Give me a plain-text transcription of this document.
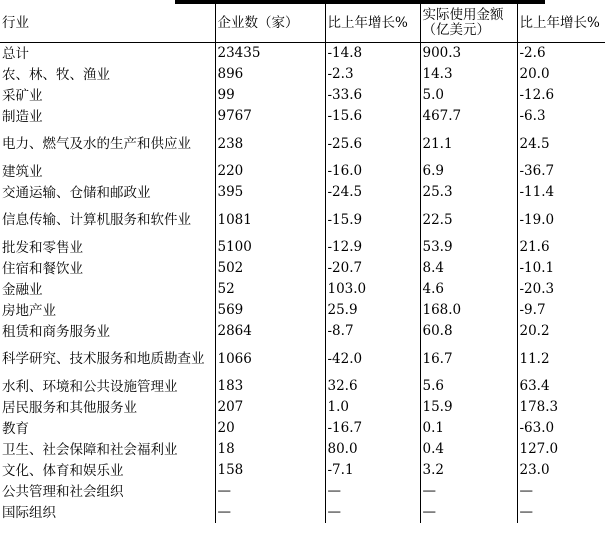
行业	企业数（家）	比上年增长%	实际使用金额（亿美元）	比上年增长%
总计	23435	-14.8	900.3	-2.6
农、林、牧、渔业	896	-2.3	14.3	20.0
采矿业	99	-33.6	5.0	-12.6
制造业	9767	-15.6	467.7	-6.3
电力、燃气及水的生产和供应业	238	-25.6	21.1	24.5
建筑业	220	-16.0	6.9	-36.7
交通运输、仓储和邮政业	395	-24.5	25.3	-11.4
信息传输、计算机服务和软件业	1081	-15.9	22.5	-19.0
批发和零售业	5100	-12.9	53.9	21.6
住宿和餐饮业	502	-20.7	8.4	-10.1
金融业	52	103.0	4.6	-20.3
房地产业	569	25.9	168.0	-9.7
租赁和商务服务业	2864	-8.7	60.8	20.2
科学研究、技术服务和地质勘查业	1066	-42.0	16.7	11.2
水利、环境和公共设施管理业	183	32.6	5.6	63.4
居民服务和其他服务业	207	1.0	15.9	178.3
教育	20	-16.7	0.1	-63.0
卫生、社会保障和社会福利业	18	80.0	0.4	127.0
文化、体育和娱乐业	158	-7.1	3.2	23.0
公共管理和社会组织	—	—	—	—
国际组织	—	—	—	—
